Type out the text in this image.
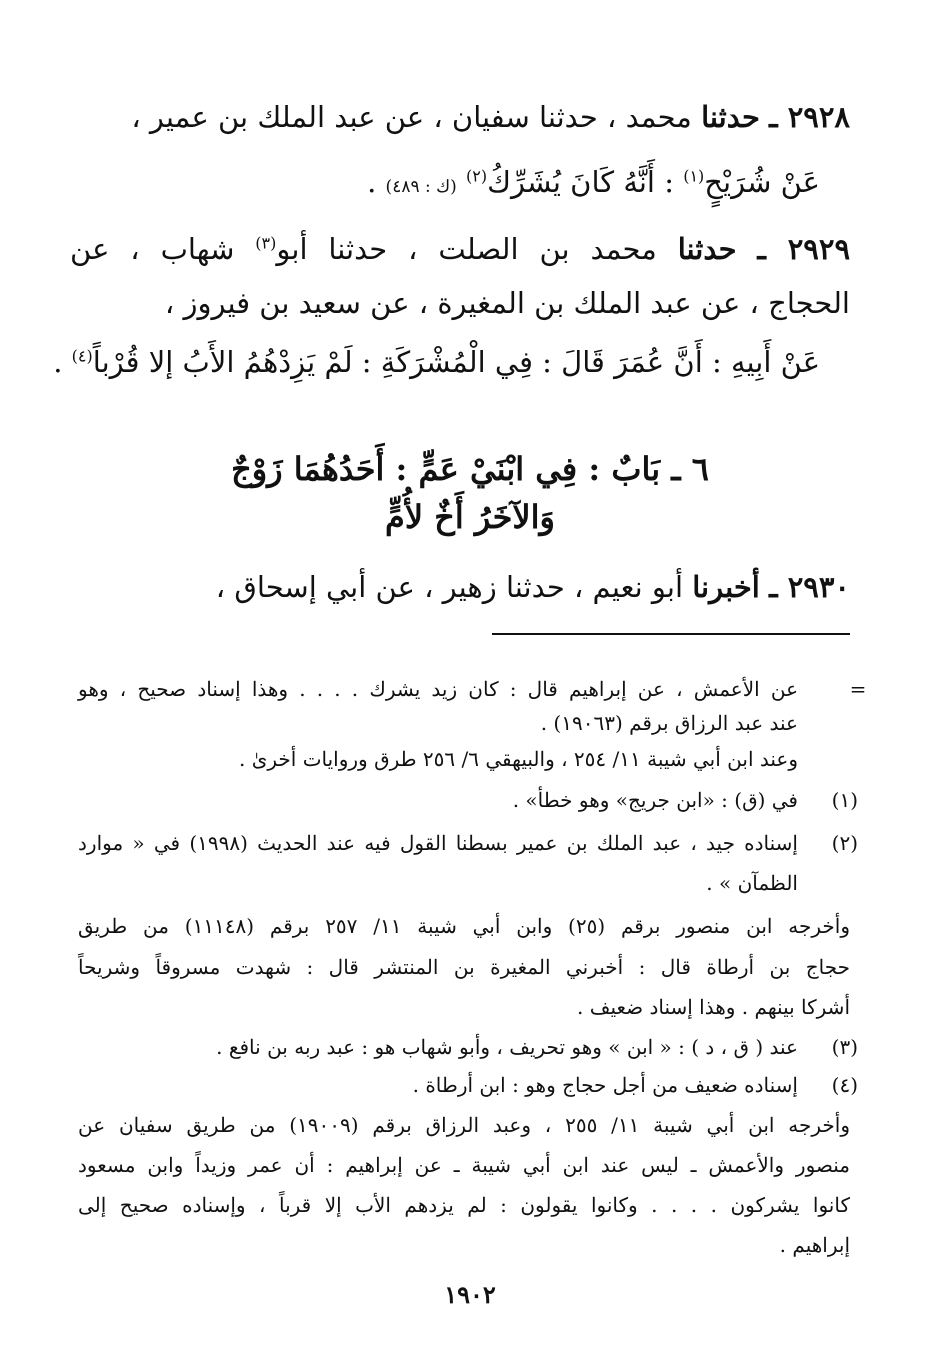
٢٩٢٨ ـ حدثنا محمد ، حدثنا سفيان ، عن عبد الملك بن عمير ،
عَنْ شُرَيْحٍ$^{(١)}$ : أَنَّهُ كَانَ يُشَرِّكُ$^{(٢)}$ (ك : ٤٨٩) .
٢٩٢٩ ـ حدثنا محمد بن الصلت ، حدثنا أبو$^{(٣)}$ شهاب ، عن
الحجاج ، عن عبد الملك بن المغيرة ، عن سعيد بن فيروز ،
عَنْ أَبِيهِ : أَنَّ عُمَرَ قَالَ : فِي الْمُشْرَكَةِ : لَمْ يَزِدْهُمُ الأَبُ إلا قُرْباً$^{(٤)}$ .
٦ ـ بَابٌ : فِي ابْنَيْ عَمٍّ : أَحَدُهُمَا زَوْجٌ
وَالآخَرُ أَخٌ لأُمٍّ
٢٩٣٠ ـ أخبرنا أبو نعيم ، حدثنا زهير ، عن أبي إسحاق ،
=
عن الأعمش ، عن إبراهيم قال : كان زيد يشرك . . . . وهذا إسناد صحيح ، وهو
عند عبد الرزاق برقم (١٩٠٦٣) .
وعند ابن أبي شيبة ١١/ ٢٥٤ ، والبيهقي ٦/ ٢٥٦ طرق وروايات أخرىٰ .
(١)
في (ق) : «ابن جريج» وهو خطأ» .
(٢)
إسناده جيد ، عبد الملك بن عمير بسطنا القول فيه عند الحديث (١٩٩٨) في « موارد
الظمآن » .
وأخرجه ابن منصور برقم (٢٥) وابن أبي شيبة ١١/ ٢٥٧ برقم (١١١٤٨) من طريق
حجاج بن أرطاة قال : أخبرني المغيرة بن المنتشر قال : شهدت مسروقاً وشريحاً
أشركا بينهم . وهذا إسناد ضعيف .
(٣)
عند ( ق ، د ) : « ابن » وهو تحريف ، وأبو شهاب هو : عبد ربه بن نافع .
(٤)
إسناده ضعيف من أجل حجاج وهو : ابن أرطاة .
وأخرجه ابن أبي شيبة ١١/ ٢٥٥ ، وعبد الرزاق برقم (١٩٠٠٩) من طريق سفيان عن
منصور والأعمش ـ ليس عند ابن أبي شيبة ـ عن إبراهيم : أن عمر وزيداً وابن مسعود
كانوا يشركون . . . . وكانوا يقولون : لم يزدهم الأب إلا قرباً ، وإسناده صحيح إلى
إبراهيم .
١٩٠٢
